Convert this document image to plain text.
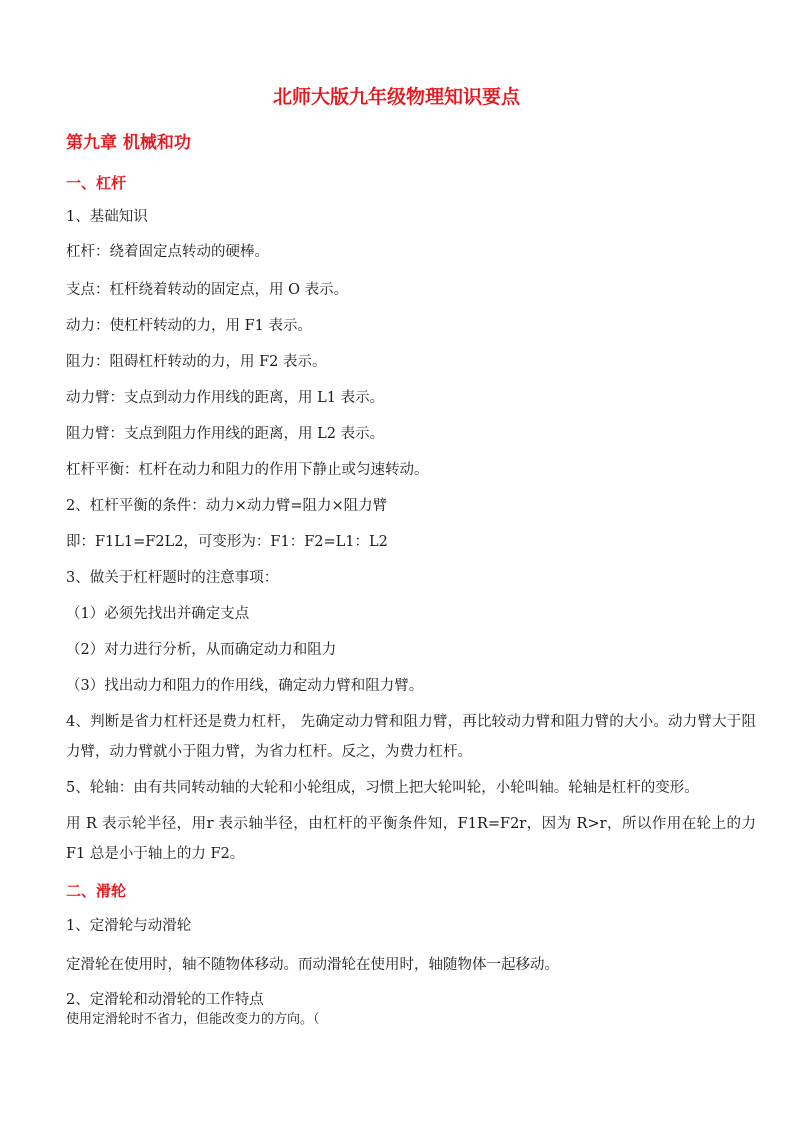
北师大版九年级物理知识要点
第九章 机械和功
一、杠杆
1、基础知识
杠杆：绕着固定点转动的硬棒。
支点：杠杆绕着转动的固定点，用 O 表示。
动力：使杠杆转动的力，用 F1 表示。
阻力：阻碍杠杆转动的力，用 F2 表示。
动力臂：支点到动力作用线的距离，用 L1 表示。
阻力臂：支点到阻力作用线的距离，用 L2 表示。
杠杆平衡：杠杆在动力和阻力的作用下静止或匀速转动。
2、杠杆平衡的条件：动力×动力臂=阻力×阻力臂
即：F1L1=F2L2，可变形为：F1：F2=L1：L2
3、做关于杠杆题时的注意事项：
（1）必须先找出并确定支点
（2）对力进行分析，从而确定动力和阻力
（3）找出动力和阻力的作用线，确定动力臂和阻力臂。
4、判断是省力杠杆还是费力杠杆， 先确定动力臂和阻力臂，再比较动力臂和阻力臂的大小。动力臂大于阻力臂，动力臂就小于阻力臂，为省力杠杆。反之，为费力杠杆。
5、轮轴：由有共同转动轴的大轮和小轮组成，习惯上把大轮叫轮，小轮叫轴。轮轴是杠杆的变形。
用 R 表示轮半径，用r 表示轴半径，由杠杆的平衡条件知，F1R=F2r，因为 R>r，所以作用在轮上的力 F1 总是小于轴上的力 F2。
二、滑轮
1、定滑轮与动滑轮
定滑轮在使用时，轴不随物体移动。而动滑轮在使用时，轴随物体一起移动。
2、定滑轮和动滑轮的工作特点
使用定滑轮时不省力，但能改变力的方向。（
